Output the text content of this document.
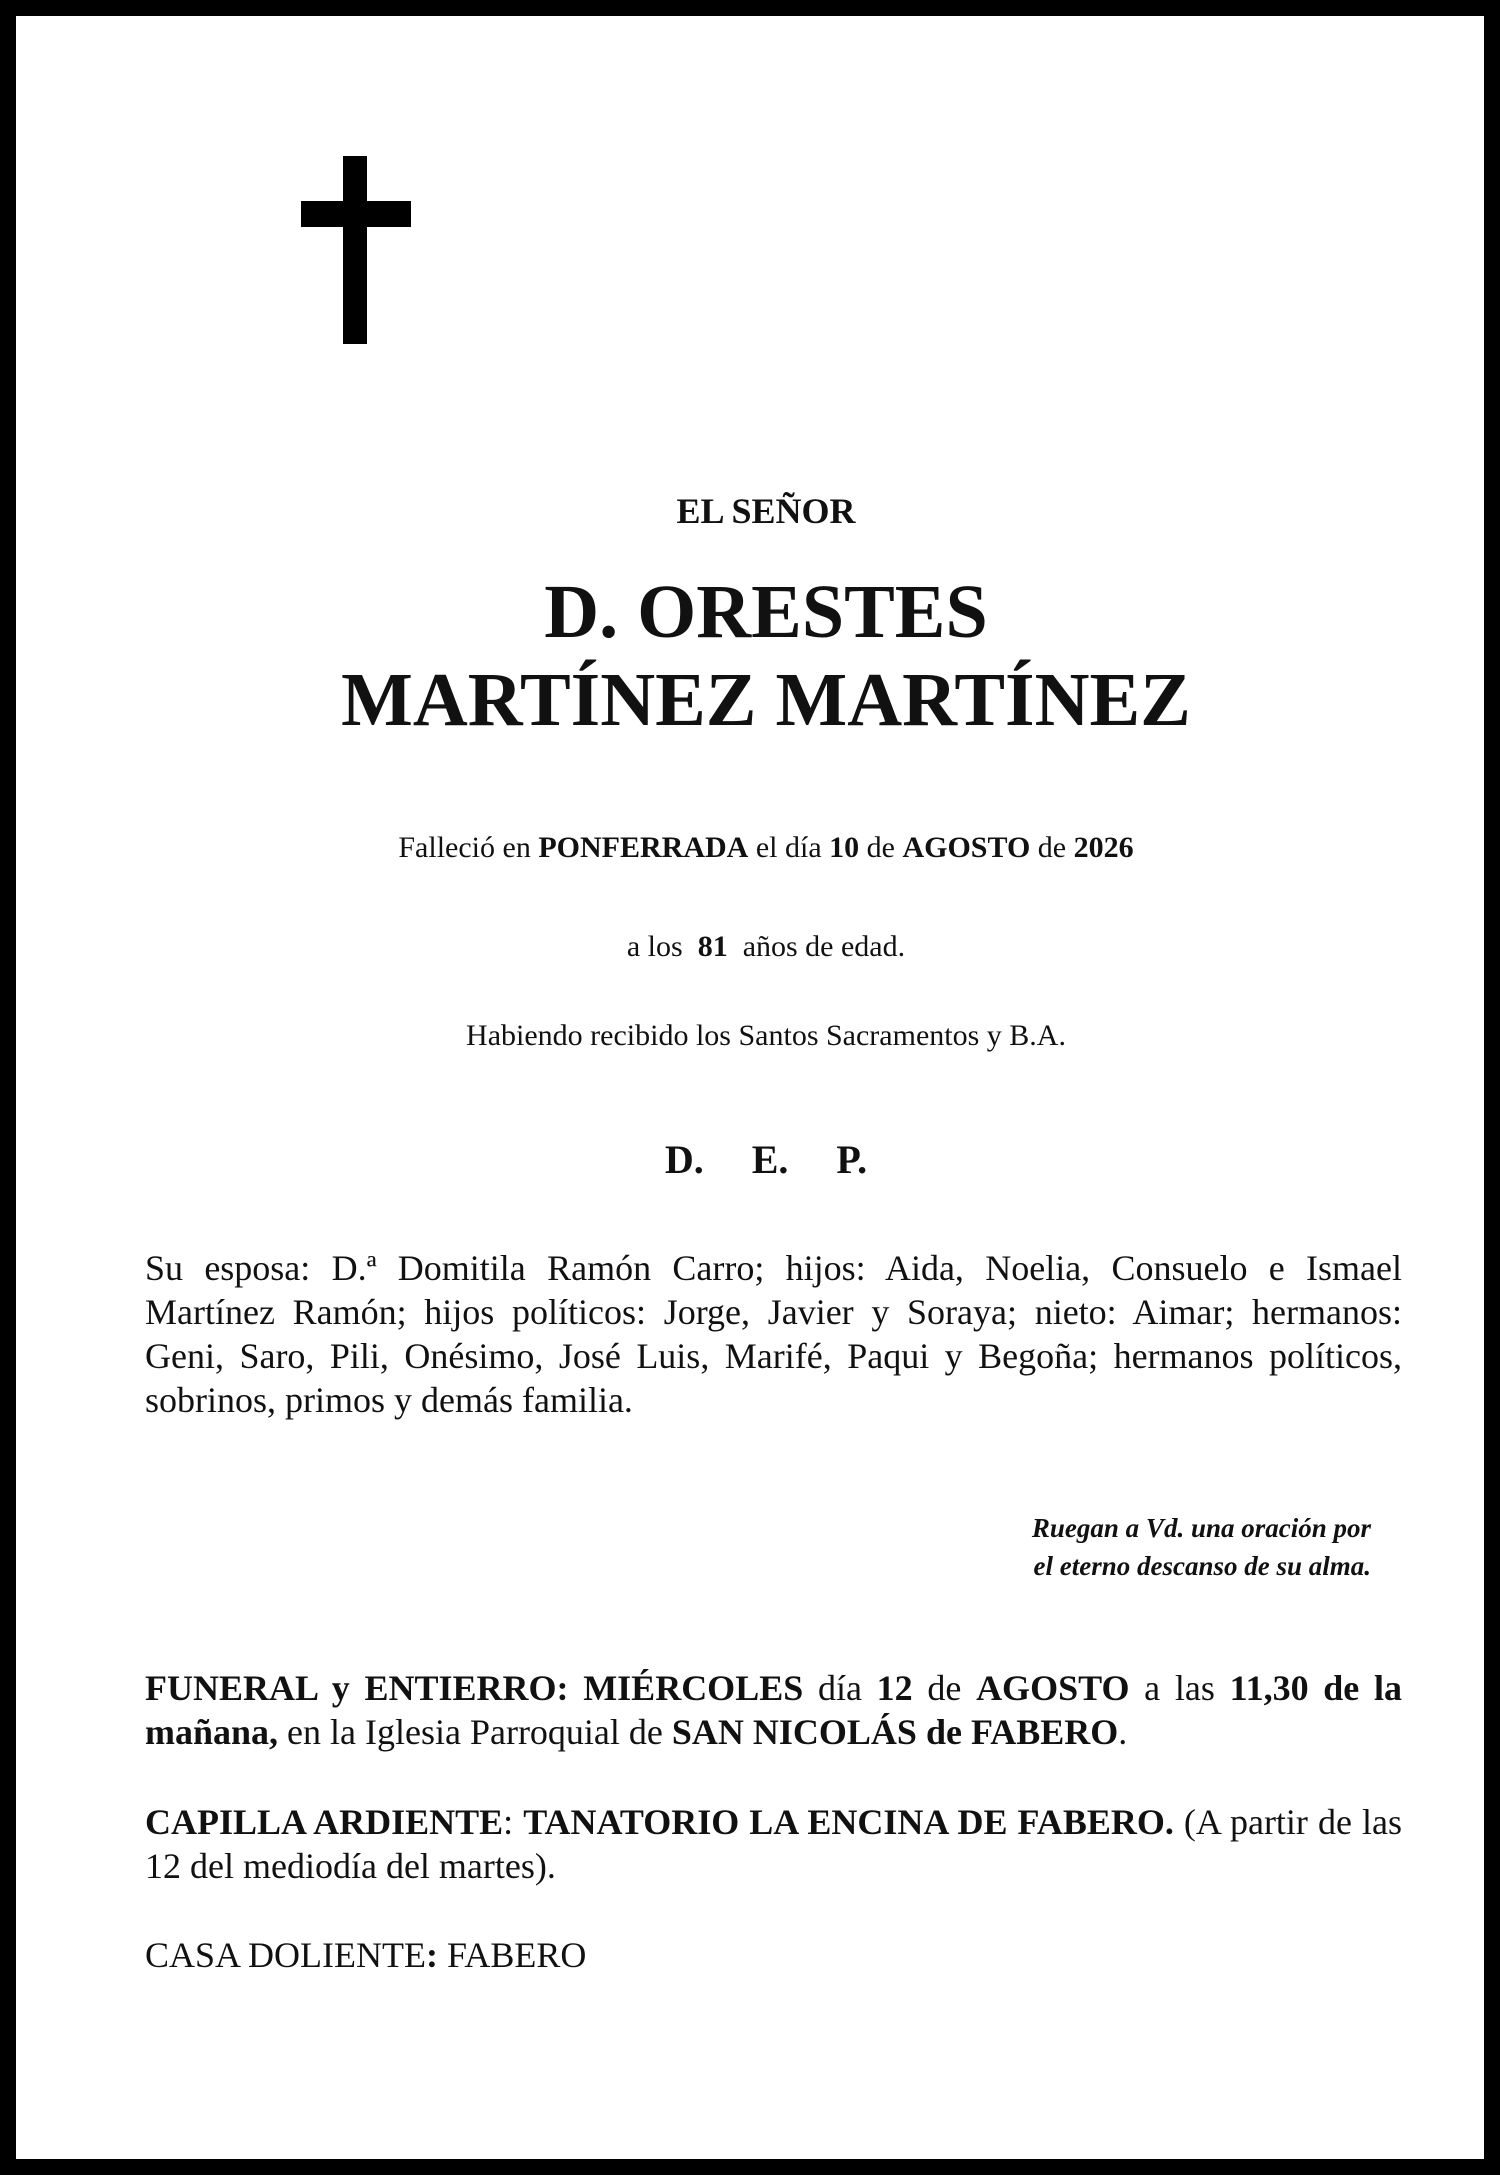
EL SEÑOR
D. ORESTES
MARTÍNEZ MARTÍNEZ
Falleció en PONFERRADA el día 10 de AGOSTO de 2026
a los 81 años de edad.
Habiendo recibido los Santos Sacramentos y B.A.
D. E. P.
Su esposa: D.ª Domitila Ramón Carro; hijos: Aida, Noelia, Consuelo e Ismael Martínez Ramón; hijos políticos: Jorge, Javier y Soraya; nieto: Aimar; hermanos: Geni, Saro, Pili, Onésimo, José Luis, Marifé, Paqui y Begoña; hermanos políticos, sobrinos, primos y demás familia.
Ruegan a Vd. una oración por
el eterno descanso de su alma.
FUNERAL y ENTIERRO: MIÉRCOLES día 12 de AGOSTO a las 11,30 de la mañana, en la Iglesia Parroquial de SAN NICOLÁS de FABERO.
CAPILLA ARDIENTE: TANATORIO LA ENCINA DE FABERO. (A partir de las 12 del mediodía del martes).
CASA DOLIENTE: FABERO
